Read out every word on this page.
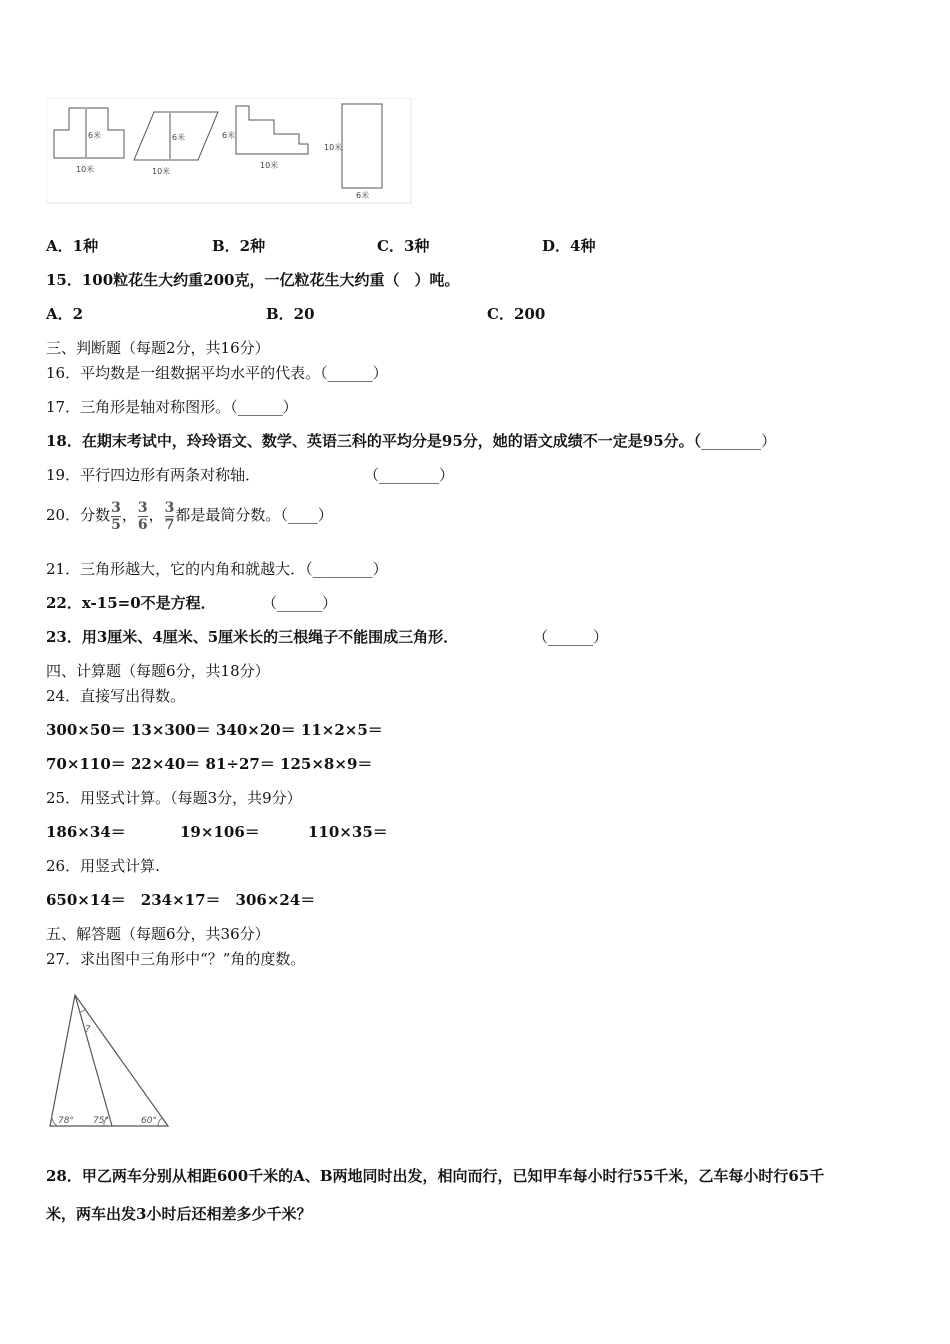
6米
10米
6米
10米
6米
10米
10米
6米
A．1种	B．2种	C．3种	D．4种
15．100粒花生大约重200克，一亿粒花生大约重（　）吨。
A．2	B．20	C．200
三、判断题（每题2分，共16分）
16．平均数是一组数据平均水平的代表。（______）
17．三角形是轴对称图形。（______）
18．在期末考试中，玲玲语文、数学、英语三科的平均分是95分，她的语文成绩不一定是95分。（________）
19．平行四边形有两条对称轴．	（________）
20．分数$\frac{3}{5}$，$\frac{3}{6}$，$\frac{3}{7}$都是最简分数。（____）
21．三角形越大，它的内角和就越大．（________）
22．x-15=0不是方程．	（______）
23．用3厘米、4厘米、5厘米长的三根绳子不能围成三角形．	（______）
四、计算题（每题6分，共18分）
24．直接写出得数。
300×50＝ 13×300＝ 340×20＝ 11×2×5＝
70×110＝ 22×40＝ 81÷27＝ 125×8×9＝
25．用竖式计算。（每题3分，共9分）
186×34＝	19×106＝	110×35＝
26．用竖式计算.
650×14＝　234×17＝　306×24＝
五、解答题（每题6分，共36分）
27．求出图中三角形中“？”角的度数。
78° 75°	60°
?
28．甲乙两车分别从相距600千米的A、B两地同时出发，相向而行，已知甲车每小时行55千米，乙车每小时行65千
米，两车出发3小时后还相差多少千米？
